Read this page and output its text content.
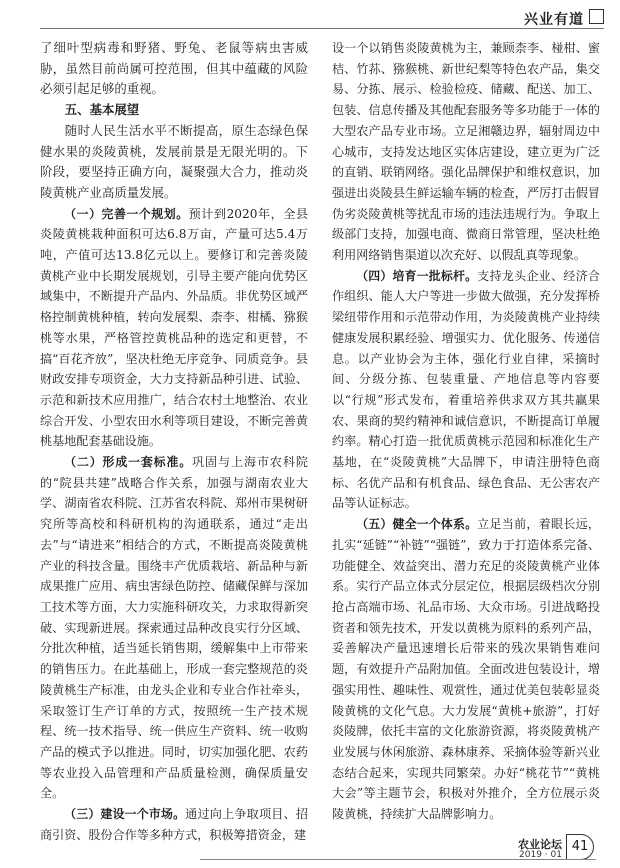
兴业有道

了细叶型病毒和野猪、野兔、老鼠等病虫害威胁，虽然目前尚属可控范围，但其中蕴藏的风险必须引起足够的重视。

五、基本展望

随时人民生活水平不断提高，原生态绿色保健水果的炎陵黄桃，发展前景是无限光明的。下阶段，要坚持正确方向，凝聚强大合力，推动炎陵黄桃产业高质量发展。

（一）完善一个规划。预计到2020年，全县炎陵黄桃栽种面积可达6.8万亩，产量可达5.4万吨，产值可达13.8亿元以上。要修订和完善炎陵黄桃产业中长期发展规划，引导主要产能向优势区域集中，不断提升产品内、外品质。非优势区域严格控制黄桃种植，转向发展梨、柰李、柑橘、猕猴桃等水果，严格管控黄桃品种的选定和更替，不搞“百花齐放”，坚决杜绝无序竞争、同质竞争。县财政安排专项资金，大力支持新品种引进、试验、示范和新技术应用推广，结合农村土地整治、农业综合开发、小型农田水利等项目建设，不断完善黄桃基地配套基础设施。

（二）形成一套标准。巩固与上海市农科院的“院县共建”战略合作关系，加强与湖南农业大学、湖南省农科院、江苏省农科院、郑州市果树研究所等高校和科研机构的沟通联系，通过“走出去”与“请进来”相结合的方式，不断提高炎陵黄桃产业的科技含量。围绕丰产优质栽培、新品种与新成果推广应用、病虫害绿色防控、储藏保鲜与深加工技术等方面，大力实施科研攻关，力求取得新突破、实现新进展。探索通过品种改良实行分区域、分批次种植，适当延长销售期，缓解集中上市带来的销售压力。在此基础上，形成一套完整规范的炎陵黄桃生产标准，由龙头企业和专业合作社牵头，采取签订生产订单的方式，按照统一生产技术规程、统一技术指导、统一供应生产资料、统一收购产品的模式予以推进。同时，切实加强化肥、农药等农业投入品管理和产品质量检测，确保质量安全。

（三）建设一个市场。通过向上争取项目、招商引资、股份合作等多种方式，积极筹措资金，建

设一个以销售炎陵黄桃为主，兼顾柰李、椪柑、蜜桔、竹荪、猕猴桃、新世纪梨等特色农产品，集交易、分拣、展示、检验检疫、储藏、配送、加工、包装、信息传播及其他配套服务等多功能于一体的大型农产品专业市场。立足湘赣边界，辐射周边中心城市，支持发达地区实体店建设，建立更为广泛的直销、联销网络。强化品牌保护和维权意识，加强进出炎陵县生鲜运输车辆的检查，严厉打击假冒伪劣炎陵黄桃等扰乱市场的违法违规行为。争取上级部门支持，加强电商、微商日常管理，坚决杜绝利用网络销售渠道以次充好、以假乱真等现象。

（四）培育一批标杆。支持龙头企业、经济合作组织、能人大户等进一步做大做强，充分发挥桥梁纽带作用和示范带动作用，为炎陵黄桃产业持续健康发展积累经验、增强实力、优化服务、传递信息。以产业协会为主体，强化行业自律，采摘时间、分级分拣、包装重量、产地信息等内容要以“行规”形式发布，着重培养供求双方其共赢果农、果商的契约精神和诚信意识，不断提高订单履约率。精心打造一批优质黄桃示范园和标准化生产基地，在“炎陵黄桃”大品牌下，申请注册特色商标、名优产品和有机食品、绿色食品、无公害农产品等认证标志。

（五）健全一个体系。立足当前，着眼长远，扎实“延链”“补链”“强链”，致力于打造体系完备、功能健全、效益突出、潜力充足的炎陵黄桃产业体系。实行产品立体式分层定位，根据层级档次分别抢占高端市场、礼品市场、大众市场。引进战略投资者和领先技术，开发以黄桃为原料的系列产品，妥善解决产量迅速增长后带来的残次果销售难问题，有效提升产品附加值。全面改进包装设计，增强实用性、趣味性、观赏性，通过优美包装彰显炎陵黄桃的文化气息。大力发展“黄桃+旅游”，打好炎陵牌，依托丰富的文化旅游资源，将炎陵黄桃产业发展与休闲旅游、森林康养、采摘体验等新兴业态结合起来，实现共同繁荣。办好“桃花节”“黄桃大会”等主题节会，积极对外推介，全方位展示炎陵黄桃，持续扩大品牌影响力。

农业论坛
2019 · 01
41
